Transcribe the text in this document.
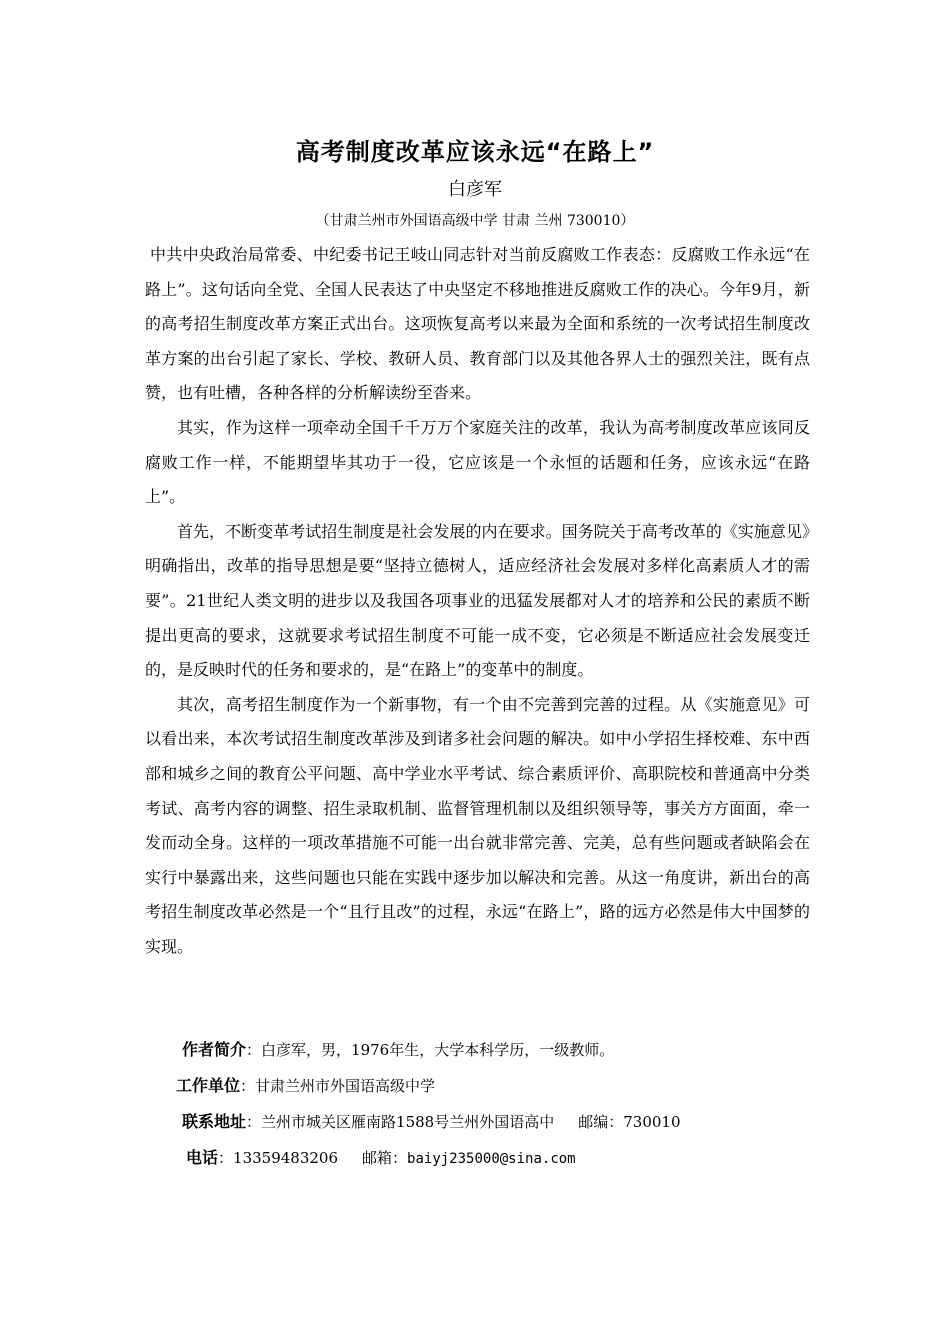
高考制度改革应该永远“在路上”
白彦军
（甘肃兰州市外国语高级中学 甘肃 兰州 730010）

中共中央政治局常委、中纪委书记王岐山同志针对当前反腐败工作表态：反腐败工作永远“在路上”。这句话向全党、全国人民表达了中央坚定不移地推进反腐败工作的决心。今年9月，新的高考招生制度改革方案正式出台。这项恢复高考以来最为全面和系统的一次考试招生制度改革方案的出台引起了家长、学校、教研人员、教育部门以及其他各界人士的强烈关注，既有点赞，也有吐槽，各种各样的分析解读纷至沓来。

其实，作为这样一项牵动全国千千万万个家庭关注的改革，我认为高考制度改革应该同反腐败工作一样，不能期望毕其功于一役，它应该是一个永恒的话题和任务，应该永远“在路上”。

首先，不断变革考试招生制度是社会发展的内在要求。国务院关于高考改革的《实施意见》明确指出，改革的指导思想是要“坚持立德树人，适应经济社会发展对多样化高素质人才的需要”。21世纪人类文明的进步以及我国各项事业的迅猛发展都对人才的培养和公民的素质不断提出更高的要求，这就要求考试招生制度不可能一成不变，它必须是不断适应社会发展变迁的，是反映时代的任务和要求的，是“在路上”的变革中的制度。

其次，高考招生制度作为一个新事物，有一个由不完善到完善的过程。从《实施意见》可以看出来，本次考试招生制度改革涉及到诸多社会问题的解决。如中小学招生择校难、东中西部和城乡之间的教育公平问题、高中学业水平考试、综合素质评价、高职院校和普通高中分类考试、高考内容的调整、招生录取机制、监督管理机制以及组织领导等，事关方方面面，牵一发而动全身。这样的一项改革措施不可能一出台就非常完善、完美，总有些问题或者缺陷会在实行中暴露出来，这些问题也只能在实践中逐步加以解决和完善。从这一角度讲，新出台的高考招生制度改革必然是一个“且行且改”的过程，永远“在路上”，路的远方必然是伟大中国梦的实现。

作者简介：白彦军，男，1976年生，大学本科学历，一级教师。
工作单位：甘肃兰州市外国语高级中学
联系地址：兰州市城关区雁南路1588号兰州外国语高中 邮编：730010
电话：13359483206 邮箱：baiyj235000@sina.com
